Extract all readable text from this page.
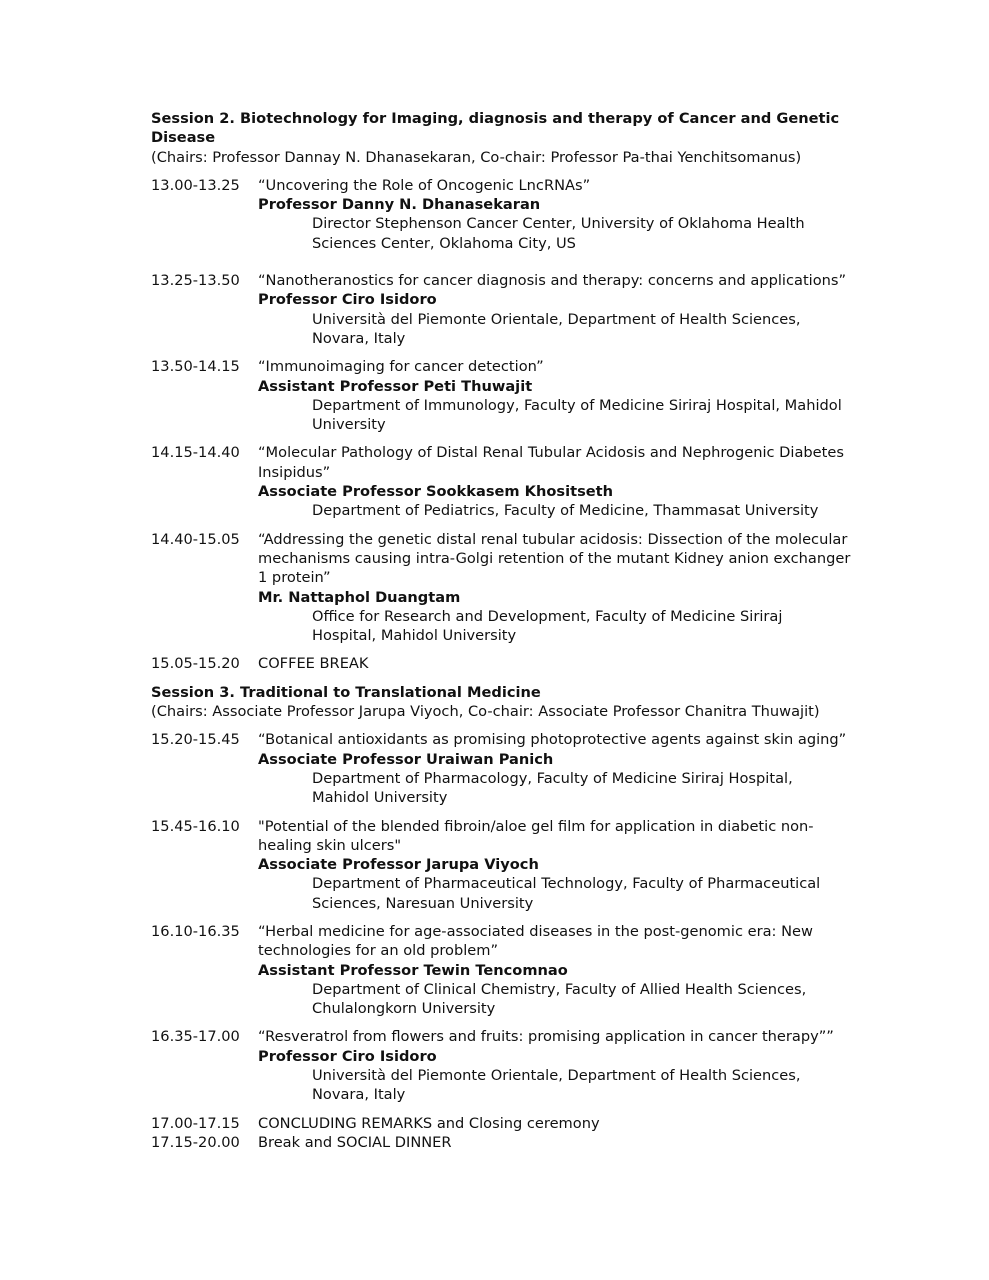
Session 2. Biotechnology for Imaging, diagnosis and therapy of Cancer and Genetic Disease

(Chairs: Professor Dannay N. Dhanasekaran, Co-chair: Professor Pa-thai Yenchitsomanus)

13.00-13.25	“Uncovering the Role of Oncogenic LncRNAs”

Professor Danny N. Dhanasekaran

Director Stephenson Cancer Center, University of Oklahoma Health Sciences Center, Oklahoma City, US

13.25-13.50	“Nanotheranostics for cancer diagnosis and therapy: concerns and applications”

Professor Ciro Isidoro

Università del Piemonte Orientale, Department of Health Sciences, Novara, Italy

13.50-14.15	“Immunoimaging for cancer detection”

Assistant Professor Peti Thuwajit

Department of Immunology, Faculty of Medicine Siriraj Hospital, Mahidol University

14.15-14.40	“Molecular Pathology of Distal Renal Tubular Acidosis and Nephrogenic Diabetes Insipidus”

Associate Professor Sookkasem Khositseth

Department of Pediatrics, Faculty of Medicine, Thammasat University

14.40-15.05	“Addressing the genetic distal renal tubular acidosis: Dissection of the molecular mechanisms causing intra-Golgi retention of the mutant Kidney anion exchanger 1 protein”

Mr. Nattaphol Duangtam

Office for Research and Development, Faculty of Medicine Siriraj Hospital, Mahidol University

15.05-15.20	COFFEE BREAK

Session 3. Traditional to Translational Medicine

(Chairs: Associate Professor Jarupa Viyoch, Co-chair: Associate Professor Chanitra Thuwajit)

15.20-15.45	“Botanical antioxidants as promising photoprotective agents against skin aging”

Associate Professor Uraiwan Panich

Department of Pharmacology, Faculty of Medicine Siriraj Hospital, Mahidol University

15.45-16.10	"Potential of the blended fibroin/aloe gel film for application in diabetic non-healing skin ulcers"

Associate Professor Jarupa Viyoch

Department of Pharmaceutical Technology, Faculty of Pharmaceutical Sciences, Naresuan University

16.10-16.35	“Herbal medicine for age-associated diseases in the post-genomic era: New technologies for an old problem”

Assistant Professor Tewin Tencomnao

Department of Clinical Chemistry, Faculty of Allied Health Sciences, Chulalongkorn University

16.35-17.00	“Resveratrol from flowers and fruits: promising application in cancer therapy””

Professor Ciro Isidoro

Università del Piemonte Orientale, Department of Health Sciences, Novara, Italy

17.00-17.15	CONCLUDING REMARKS and Closing ceremony

17.15-20.00	Break and SOCIAL DINNER
